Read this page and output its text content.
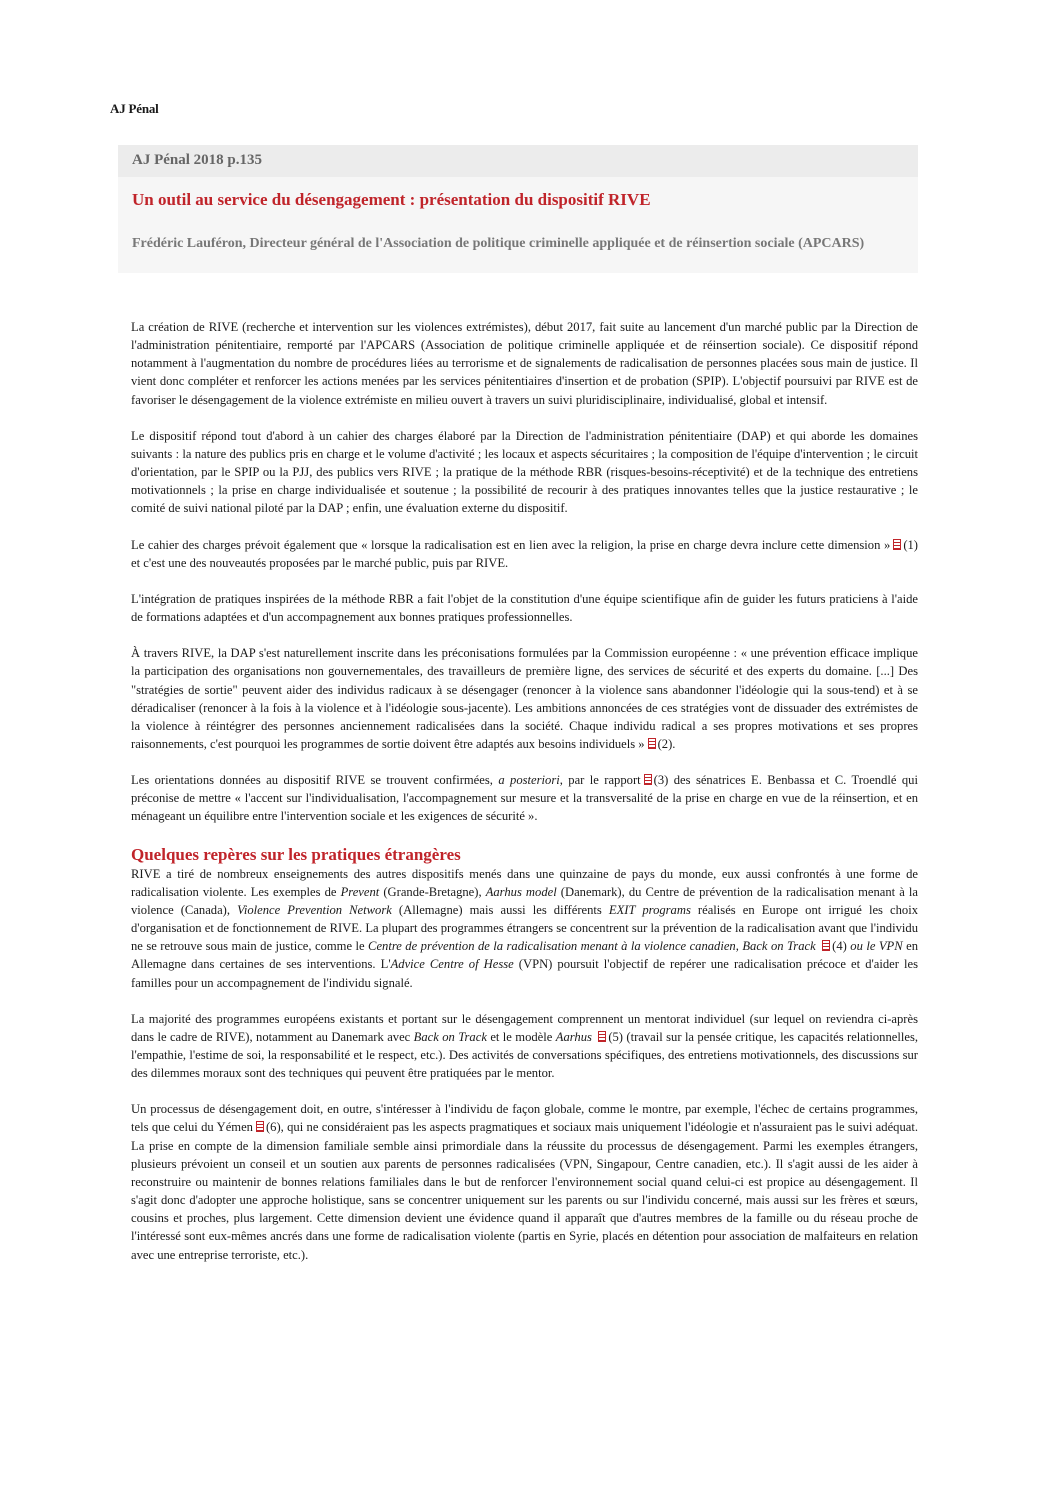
AJ Pénal
AJ Pénal 2018 p.135
Un outil au service du désengagement : présentation du dispositif RIVE
Frédéric Lauféron, Directeur général de l'Association de politique criminelle appliquée et de réinsertion sociale (APCARS)

La création de RIVE (recherche et intervention sur les violences extrémistes), début 2017, fait suite au lancement d'un marché public par la Direction de l'administration pénitentiaire, remporté par l'APCARS (Association de politique criminelle appliquée et de réinsertion sociale). Ce dispositif répond notamment à l'augmentation du nombre de procédures liées au terrorisme et de signalements de radicalisation de personnes placées sous main de justice. Il vient donc compléter et renforcer les actions menées par les services pénitentiaires d'insertion et de probation (SPIP). L'objectif poursuivi par RIVE est de favoriser le désengagement de la violence extrémiste en milieu ouvert à travers un suivi pluridisciplinaire, individualisé, global et intensif.

Le dispositif répond tout d'abord à un cahier des charges élaboré par la Direction de l'administration pénitentiaire (DAP) et qui aborde les domaines suivants : la nature des publics pris en charge et le volume d'activité ; les locaux et aspects sécuritaires ; la composition de l'équipe d'intervention ; le circuit d'orientation, par le SPIP ou la PJJ, des publics vers RIVE ; la pratique de la méthode RBR (risques-besoins-réceptivité) et de la technique des entretiens motivationnels ; la prise en charge individualisée et soutenue ; la possibilité de recourir à des pratiques innovantes telles que la justice restaurative ; le comité de suivi national piloté par la DAP ; enfin, une évaluation externe du dispositif.

Le cahier des charges prévoit également que « lorsque la radicalisation est en lien avec la religion, la prise en charge devra inclure cette dimension » (1) et c'est une des nouveautés proposées par le marché public, puis par RIVE.

L'intégration de pratiques inspirées de la méthode RBR a fait l'objet de la constitution d'une équipe scientifique afin de guider les futurs praticiens à l'aide de formations adaptées et d'un accompagnement aux bonnes pratiques professionnelles.

À travers RIVE, la DAP s'est naturellement inscrite dans les préconisations formulées par la Commission européenne : « une prévention efficace implique la participation des organisations non gouvernementales, des travailleurs de première ligne, des services de sécurité et des experts du domaine. [...] Des "stratégies de sortie" peuvent aider des individus radicaux à se désengager (renoncer à la violence sans abandonner l'idéologie qui la sous-tend) et à se déradicaliser (renoncer à la fois à la violence et à l'idéologie sous-jacente). Les ambitions annoncées de ces stratégies vont de dissuader des extrémistes de la violence à réintégrer des personnes anciennement radicalisées dans la société. Chaque individu radical a ses propres motivations et ses propres raisonnements, c'est pourquoi les programmes de sortie doivent être adaptés aux besoins individuels » (2).

Les orientations données au dispositif RIVE se trouvent confirmées, a posteriori, par le rapport (3) des sénatrices E. Benbassa et C. Troendlé qui préconise de mettre « l'accent sur l'individualisation, l'accompagnement sur mesure et la transversalité de la prise en charge en vue de la réinsertion, et en ménageant un équilibre entre l'intervention sociale et les exigences de sécurité ».

Quelques repères sur les pratiques étrangères

RIVE a tiré de nombreux enseignements des autres dispositifs menés dans une quinzaine de pays du monde, eux aussi confrontés à une forme de radicalisation violente. Les exemples de Prevent (Grande-Bretagne), Aarhus model (Danemark), du Centre de prévention de la radicalisation menant à la violence (Canada), Violence Prevention Network (Allemagne) mais aussi les différents EXIT programs réalisés en Europe ont irrigué les choix d'organisation et de fonctionnement de RIVE. La plupart des programmes étrangers se concentrent sur la prévention de la radicalisation avant que l'individu ne se retrouve sous main de justice, comme le Centre de prévention de la radicalisation menant à la violence canadien, Back on Track (4) ou le VPN en Allemagne dans certaines de ses interventions. L'Advice Centre of Hesse (VPN) poursuit l'objectif de repérer une radicalisation précoce et d'aider les familles pour un accompagnement de l'individu signalé.

La majorité des programmes européens existants et portant sur le désengagement comprennent un mentorat individuel (sur lequel on reviendra ci-après dans le cadre de RIVE), notamment au Danemark avec Back on Track et le modèle Aarhus (5) (travail sur la pensée critique, les capacités relationnelles, l'empathie, l'estime de soi, la responsabilité et le respect, etc.). Des activités de conversations spécifiques, des entretiens motivationnels, des discussions sur des dilemmes moraux sont des techniques qui peuvent être pratiquées par le mentor.

Un processus de désengagement doit, en outre, s'intéresser à l'individu de façon globale, comme le montre, par exemple, l'échec de certains programmes, tels que celui du Yémen (6), qui ne considéraient pas les aspects pragmatiques et sociaux mais uniquement l'idéologie et n'assuraient pas le suivi adéquat. La prise en compte de la dimension familiale semble ainsi primordiale dans la réussite du processus de désengagement. Parmi les exemples étrangers, plusieurs prévoient un conseil et un soutien aux parents de personnes radicalisées (VPN, Singapour, Centre canadien, etc.). Il s'agit aussi de les aider à reconstruire ou maintenir de bonnes relations familiales dans le but de renforcer l'environnement social quand celui-ci est propice au désengagement. Il s'agit donc d'adopter une approche holistique, sans se concentrer uniquement sur les parents ou sur l'individu concerné, mais aussi sur les frères et sœurs, cousins et proches, plus largement. Cette dimension devient une évidence quand il apparaît que d'autres membres de la famille ou du réseau proche de l'intéressé sont eux-mêmes ancrés dans une forme de radicalisation violente (partis en Syrie, placés en détention pour association de malfaiteurs en relation avec une entreprise terroriste, etc.).
